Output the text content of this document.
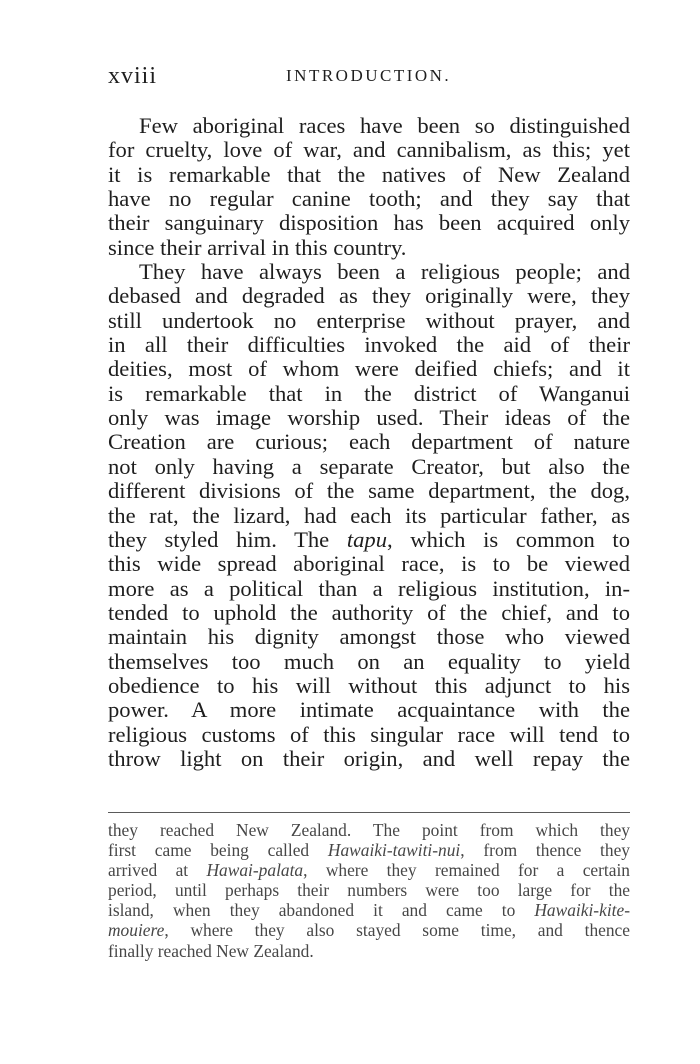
xviii	INTRODUCTION.
Few aboriginal races have been so distinguished
for cruelty, love of war, and cannibalism, as this; yet
it is remarkable that the natives of New Zealand
have no regular canine tooth; and they say that
their sanguinary disposition has been acquired only
since their arrival in this country.
They have always been a religious people; and
debased and degraded as they originally were, they
still undertook no enterprise without prayer, and
in all their difficulties invoked the aid of their
deities, most of whom were deified chiefs; and it
is remarkable that in the district of Wanganui
only was image worship used. Their ideas of the
Creation are curious; each department of nature
not only having a separate Creator, but also the
different divisions of the same department, the dog,
the rat, the lizard, had each its particular father, as
they styled him. The tapu, which is common to
this wide spread aboriginal race, is to be viewed
more as a political than a religious institution, in-
tended to uphold the authority of the chief, and to
maintain his dignity amongst those who viewed
themselves too much on an equality to yield
obedience to his will without this adjunct to his
power. A more intimate acquaintance with the
religious customs of this singular race will tend to
throw light on their origin, and well repay the
they reached New Zealand. The point from which they
first came being called Hawaiki-tawiti-nui, from thence they
arrived at Hawai-palata, where they remained for a certain
period, until perhaps their numbers were too large for the
island, when they abandoned it and came to Hawaiki-kite-
mouiere, where they also stayed some time, and thence
finally reached New Zealand.
